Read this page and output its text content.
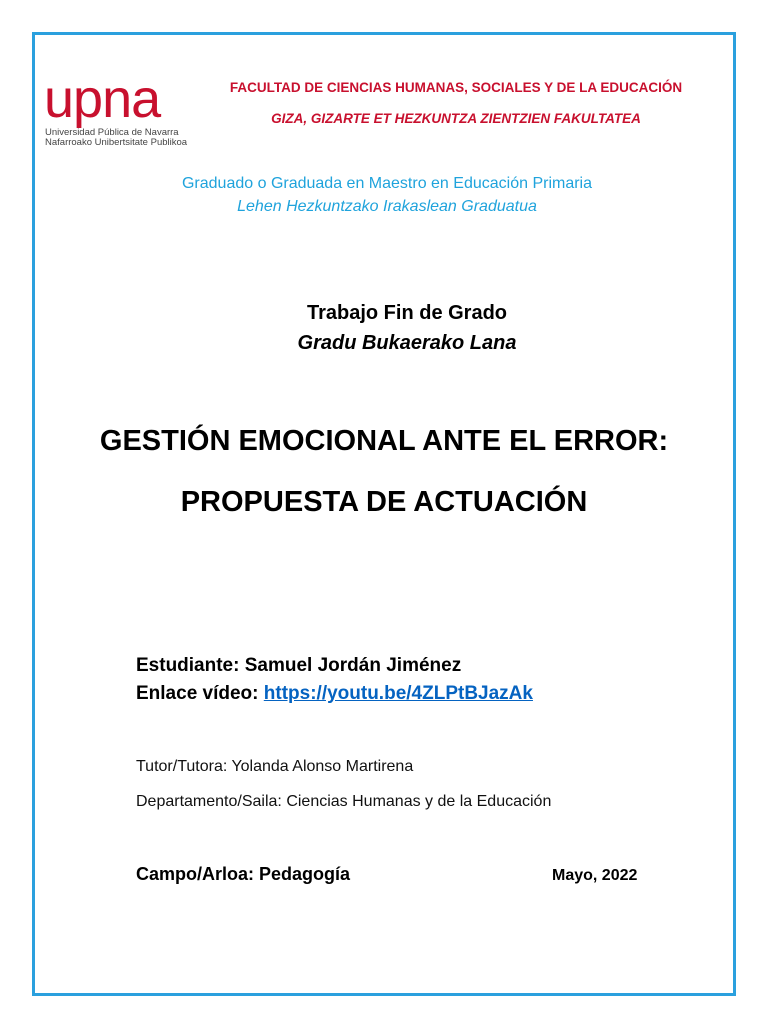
upna
Universidad Pública de Navarra
Nafarroako Unibertsitate Publikoa
FACULTAD DE CIENCIAS HUMANAS, SOCIALES Y DE LA EDUCACIÓN
GIZA, GIZARTE ET HEZKUNTZA ZIENTZIEN FAKULTATEA
Graduado o Graduada en Maestro en Educación Primaria
Lehen Hezkuntzako Irakaslean Graduatua
Trabajo Fin de Grado
Gradu Bukaerako Lana
GESTIÓN EMOCIONAL ANTE EL ERROR:
PROPUESTA DE ACTUACIÓN
Estudiante: Samuel Jordán Jiménez
Enlace vídeo: https://youtu.be/4ZLPtBJazAk
Tutor/Tutora: Yolanda Alonso Martirena
Departamento/Saila: Ciencias Humanas y de la Educación
Campo/Arloa: Pedagogía	Mayo, 2022
